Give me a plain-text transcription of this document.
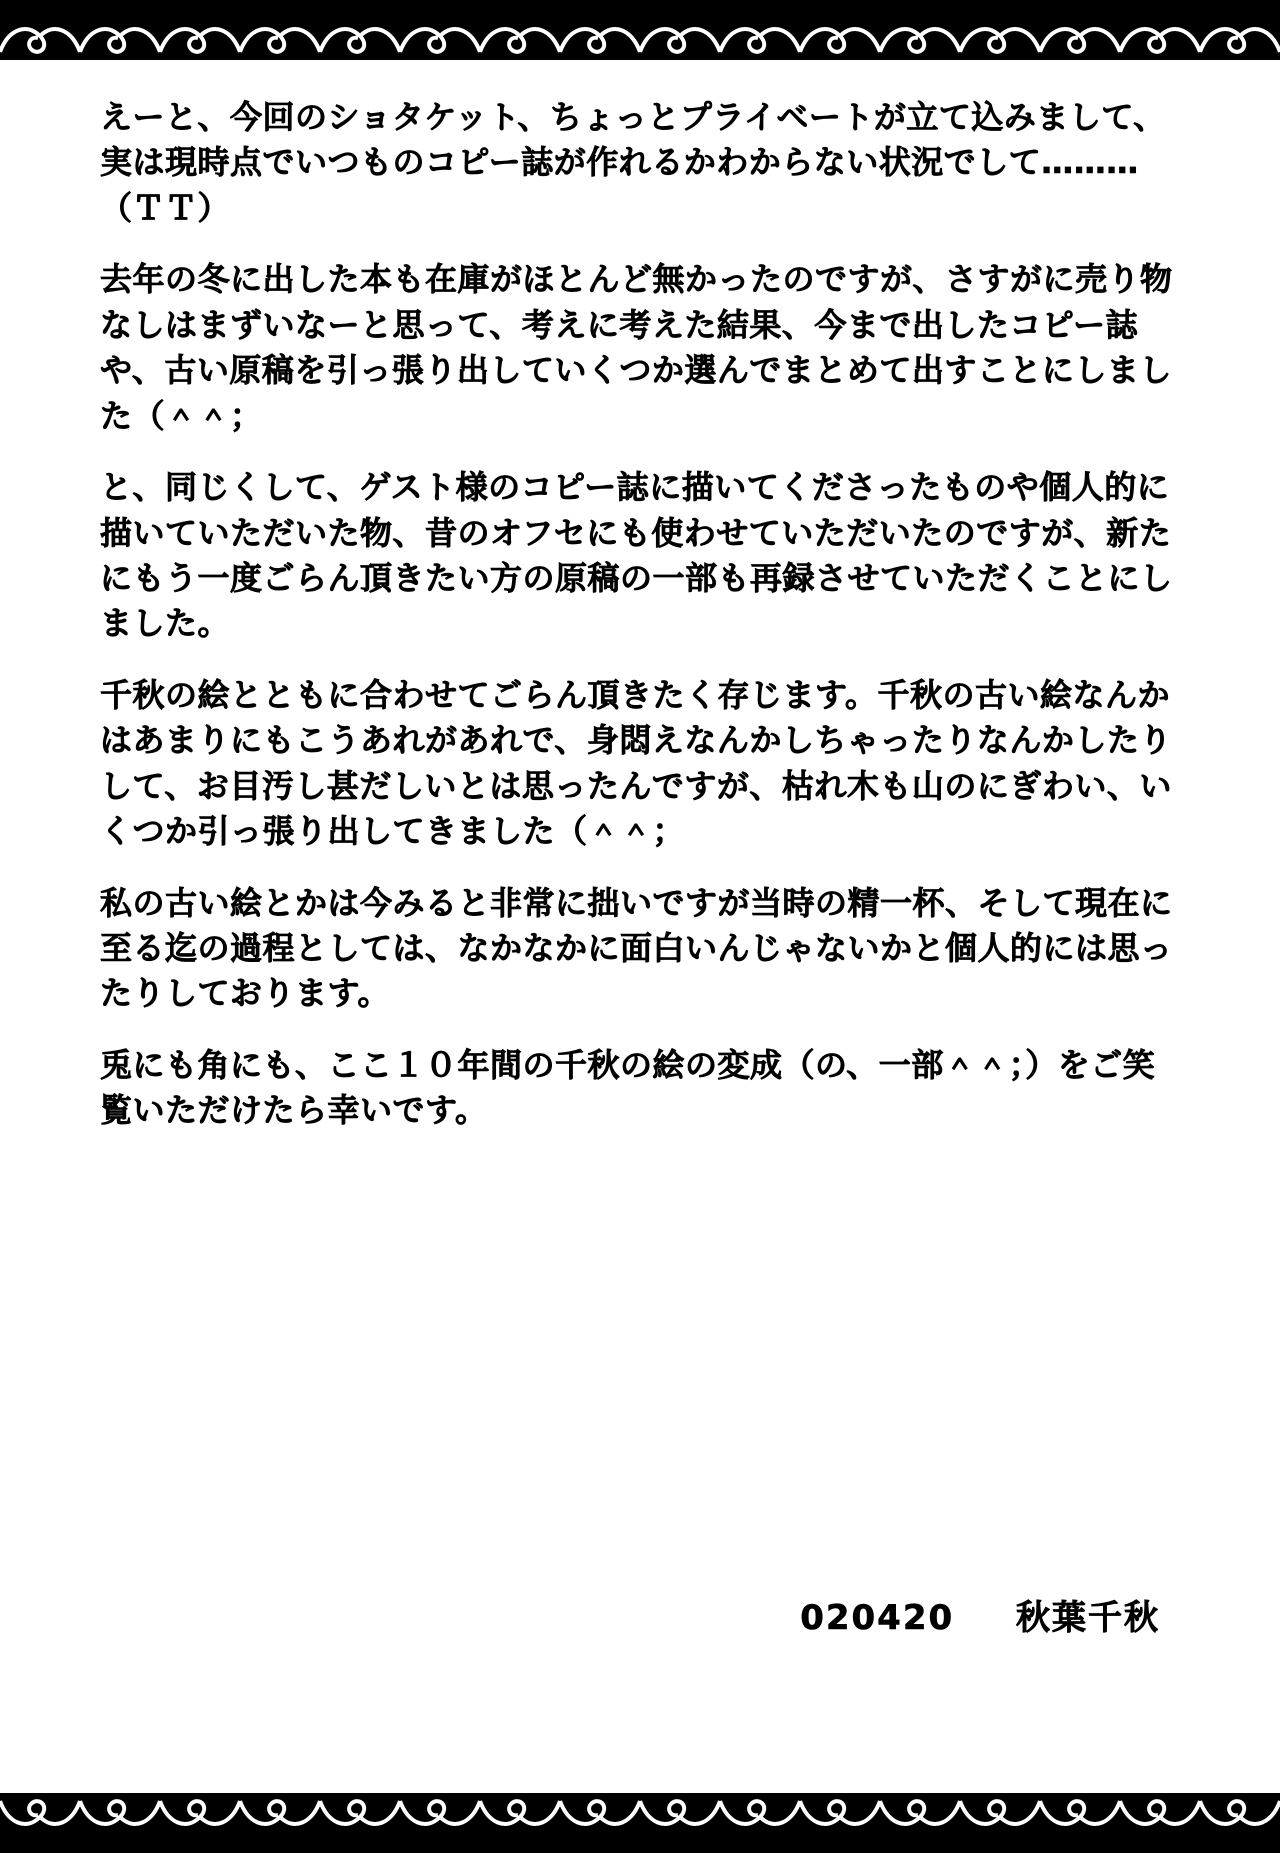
えーと、今回のショタケット、ちょっとプライベートが立て込みまして、実は現時点でいつものコピー誌が作れるかわからない状況でして………（ＴＴ）

去年の冬に出した本も在庫がほとんど無かったのですが、さすがに売り物なしはまずいなーと思って、考えに考えた結果、今まで出したコピー誌や、古い原稿を引っ張り出していくつか選んでまとめて出すことにしました（＾＾；

と、同じくして、ゲスト様のコピー誌に描いてくださったものや個人的に描いていただいた物、昔のオフセにも使わせていただいたのですが、新たにもう一度ごらん頂きたい方の原稿の一部も再録させていただくことにしました。

千秋の絵とともに合わせてごらん頂きたく存じます。千秋の古い絵なんかはあまりにもこうあれがあれで、身悶えなんかしちゃったりなんかしたりして、お目汚し甚だしいとは思ったんですが、枯れ木も山のにぎわい、いくつか引っ張り出してきました（＾＾；

私の古い絵とかは今みると非常に拙いですが当時の精一杯、そして現在に至る迄の過程としては、なかなかに面白いんじゃないかと個人的には思ったりしております。

兎にも角にも、ここ１０年間の千秋の絵の変成（の、一部＾＾；）をご笑覧いただけたら幸いです。

020420 秋葉千秋
